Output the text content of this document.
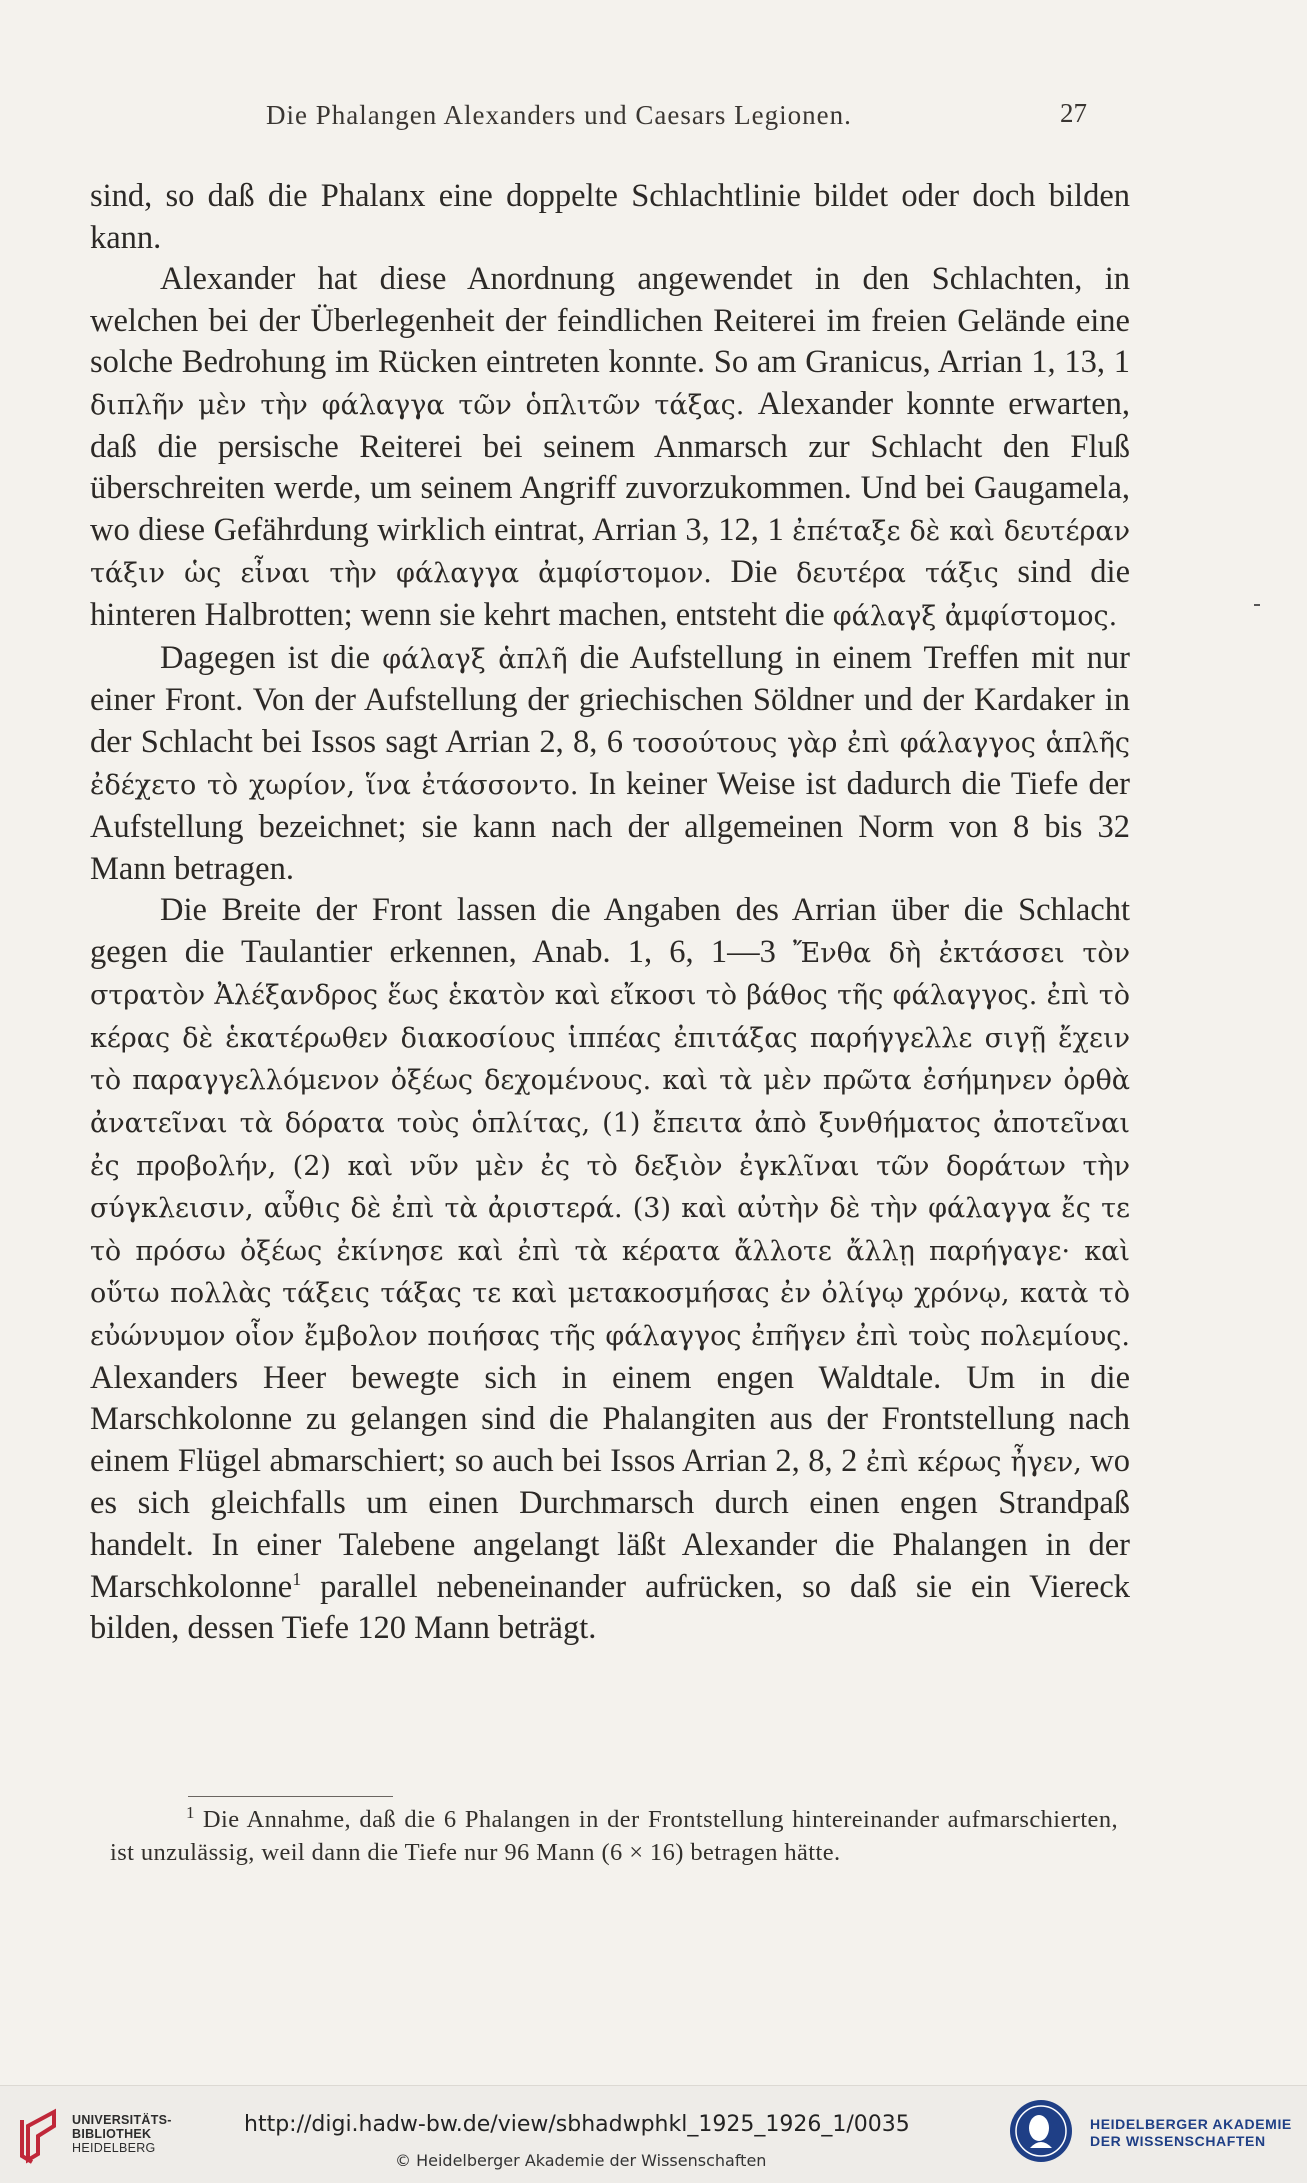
Die Phalangen Alexanders und Caesars Legionen.	27

sind, so daß die Phalanx eine doppelte Schlachtlinie bildet oder doch bilden kann.

Alexander hat diese Anordnung angewendet in den Schlachten, in welchen bei der Überlegenheit der feindlichen Reiterei im freien Gelände eine solche Bedrohung im Rücken eintreten konnte. So am Granicus, Arrian 1, 13, 1 διπλῆν μὲν τὴν φάλαγγα τῶν ὁπλιτῶν τάξας. Alexander konnte erwarten, daß die persische Reiterei bei seinem Anmarsch zur Schlacht den Fluß überschreiten werde, um seinem Angriff zuvorzukommen. Und bei Gaugamela, wo diese Gefährdung wirklich eintrat, Arrian 3, 12, 1 ἐπέταξε δὲ καὶ δευτέραν τάξιν ὡς εἶναι τὴν φάλαγγα ἀμφίστομον. Die δευτέρα τάξις sind die hinteren Halbrotten; wenn sie kehrt machen, entsteht die φάλαγξ ἀμφίστομος.

Dagegen ist die φάλαγξ ἁπλῆ die Aufstellung in einem Treffen mit nur einer Front. Von der Aufstellung der griechischen Söldner und der Kardaker in der Schlacht bei Issos sagt Arrian 2, 8, 6 τοσούτους γὰρ ἐπὶ φάλαγγος ἁπλῆς ἐδέχετο τὸ χωρίον, ἵνα ἐτάσσοντο. In keiner Weise ist dadurch die Tiefe der Aufstellung bezeichnet; sie kann nach der allgemeinen Norm von 8 bis 32 Mann betragen.

Die Breite der Front lassen die Angaben des Arrian über die Schlacht gegen die Taulantier erkennen, Anab. 1, 6, 1—3 Ἔνθα δὴ ἐκτάσσει τὸν στρατὸν Ἀλέξανδρος ἕως ἑκατὸν καὶ εἴκοσι τὸ βάθος τῆς φάλαγγος. ἐπὶ τὸ κέρας δὲ ἑκατέρωθεν διακοσίους ἱππέας ἐπιτάξας παρήγγελλε σιγῇ ἔχειν τὸ παραγγελλόμενον ὀξέως δεχομένους. καὶ τὰ μὲν πρῶτα ἐσήμηνεν ὀρθὰ ἀνατεῖναι τὰ δόρατα τοὺς ὁπλίτας, (1) ἔπειτα ἀπὸ ξυνθήματος ἀποτεῖναι ἐς προβολήν, (2) καὶ νῦν μὲν ἐς τὸ δεξιὸν ἐγκλῖναι τῶν δοράτων τὴν σύγκλεισιν, αὖθις δὲ ἐπὶ τὰ ἀριστερά. (3) καὶ αὐτὴν δὲ τὴν φάλαγγα ἔς τε τὸ πρόσω ὀξέως ἐκίνησε καὶ ἐπὶ τὰ κέρατα ἄλλοτε ἄλλῃ παρήγαγε· καὶ οὕτω πολλὰς τάξεις τάξας τε καὶ μετακοσμήσας ἐν ὀλίγῳ χρόνῳ, κατὰ τὸ εὐώνυμον οἷον ἔμβολον ποιήσας τῆς φάλαγγος ἐπῆγεν ἐπὶ τοὺς πολεμίους. Alexanders Heer bewegte sich in einem engen Waldtale. Um in die Marschkolonne zu gelangen sind die Phalangiten aus der Frontstellung nach einem Flügel abmarschiert; so auch bei Issos Arrian 2, 8, 2 ἐπὶ κέρως ἦγεν, wo es sich gleichfalls um einen Durchmarsch durch einen engen Strandpaß handelt. In einer Talebene angelangt läßt Alexander die Phalangen in der Marschkolonne$^1$ parallel nebeneinander aufrücken, so daß sie ein Viereck bilden, dessen Tiefe 120 Mann beträgt.

$^1$ Die Annahme, daß die 6 Phalangen in der Frontstellung hintereinander aufmarschierten, ist unzulässig, weil dann die Tiefe nur 96 Mann (6 × 16) betragen hätte.
UNIVERSITÄTS-
BIBLIOTHEK
HEIDELBERG
http://digi.hadw-bw.de/view/sbhadwphkl_1925_1926_1/0035
© Heidelberger Akademie der Wissenschaften
HEIDELBERGER AKADEMIE
DER WISSENSCHAFTEN
